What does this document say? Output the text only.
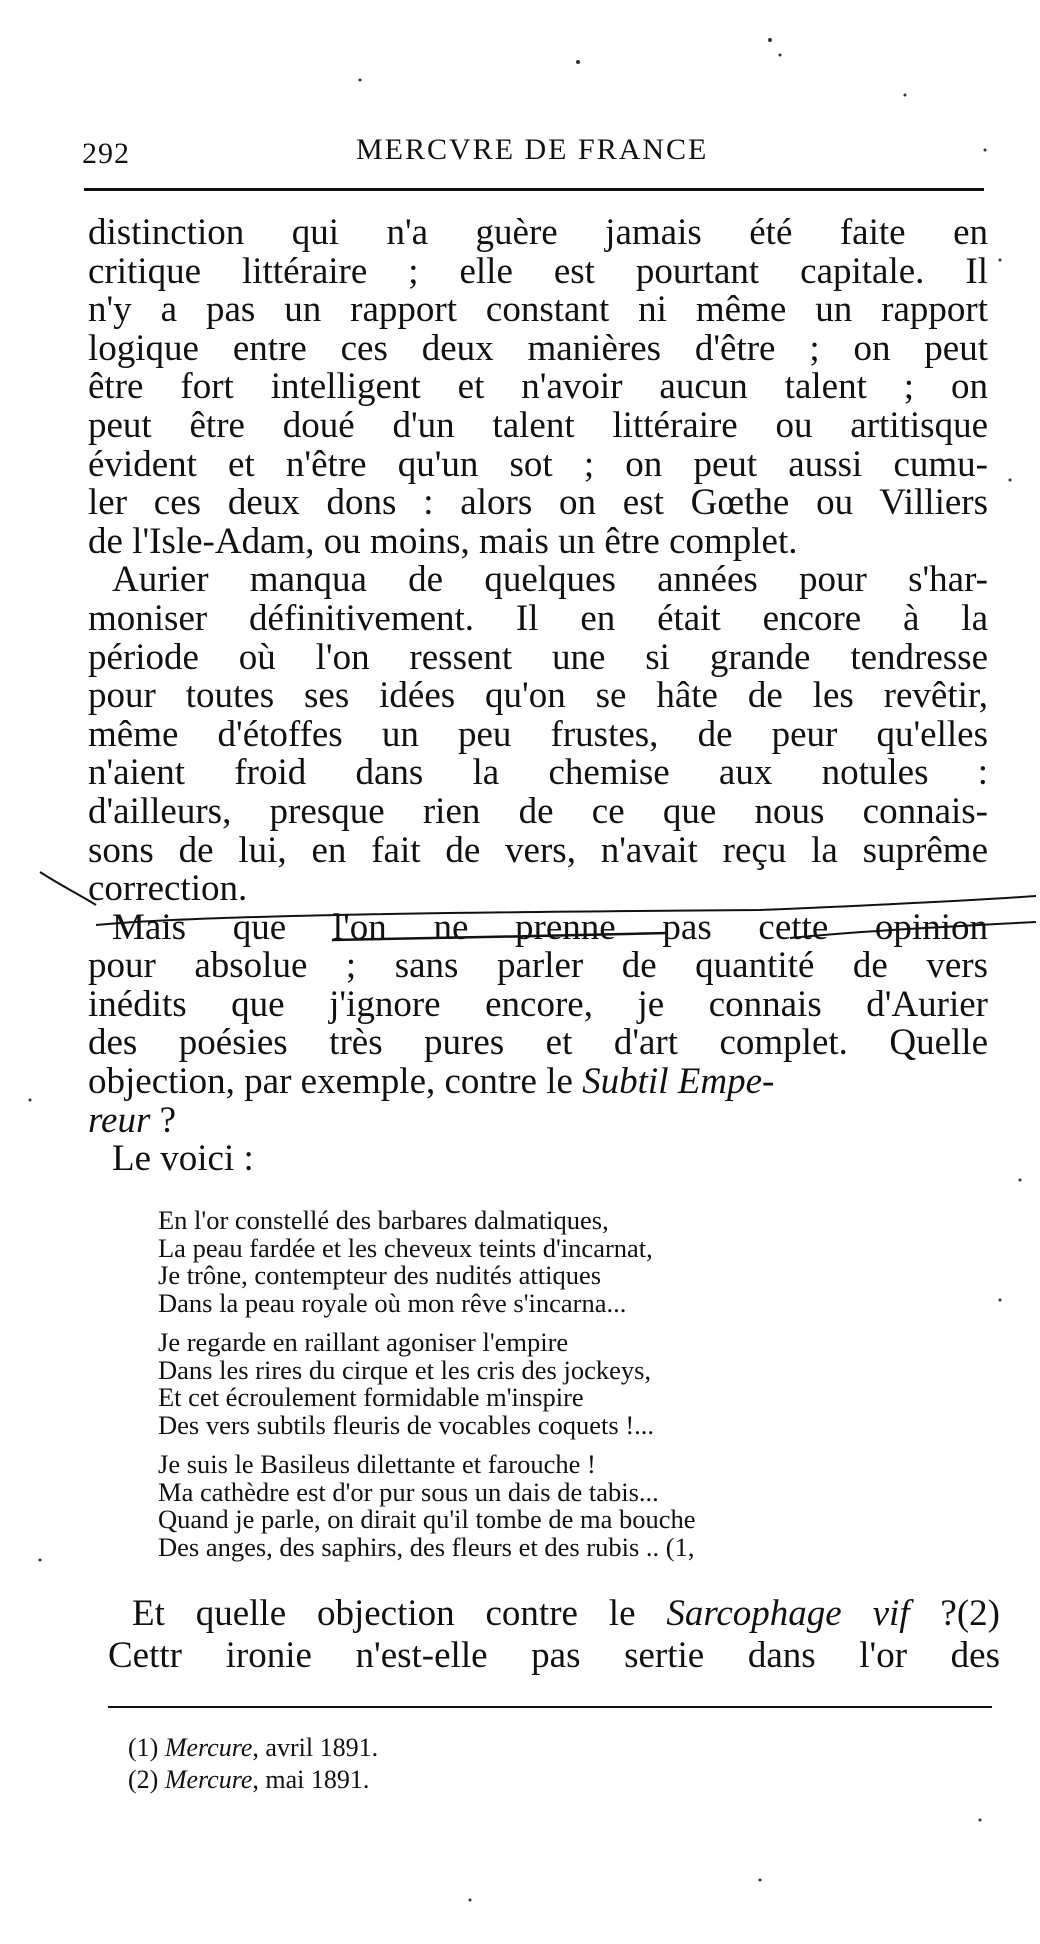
292	MERCVRE DE FRANCE
distinction qui n'a guère jamais été faite en
critique littéraire ; elle est pourtant capitale. Il
n'y a pas un rapport constant ni même un rapport
logique entre ces deux manières d'être ; on peut
être fort intelligent et n'avoir aucun talent ; on
peut être doué d'un talent littéraire ou artitisque
évident et n'être qu'un sot ; on peut aussi cumu-
ler ces deux dons : alors on est Gœthe ou Villiers
de l'Isle-Adam, ou moins, mais un être complet.
Aurier manqua de quelques années pour s'har-
moniser définitivement. Il en était encore à la
période où l'on ressent une si grande tendresse
pour toutes ses idées qu'on se hâte de les revêtir,
même d'étoffes un peu frustes, de peur qu'elles
n'aient froid dans la chemise aux notules :
d'ailleurs, presque rien de ce que nous connais-
sons de lui, en fait de vers, n'avait reçu la suprême
correction.
Mais que l'on ne prenne pas cette opinion
pour absolue ; sans parler de quantité de vers
inédits que j'ignore encore, je connais d'Aurier
des poésies très pures et d'art complet. Quelle
objection, par exemple, contre le Subtil Empe-
reur ?
Le voici :
En l'or constellé des barbares dalmatiques,
La peau fardée et les cheveux teints d'incarnat,
Je trône, contempteur des nudités attiques
Dans la peau royale où mon rêve s'incarna...
Je regarde en raillant agoniser l'empire
Dans les rires du cirque et les cris des jockeys,
Et cet écroulement formidable m'inspire
Des vers subtils fleuris de vocables coquets !...
Je suis le Basileus dilettante et farouche !
Ma cathèdre est d'or pur sous un dais de tabis...
Quand je parle, on dirait qu'il tombe de ma bouche
Des anges, des saphirs, des fleurs et des rubis .. (1,
Et quelle objection contre le Sarcophage vif ?(2)
Cettr ironie n'est-elle pas sertie dans l'or des
(1) Mercure, avril 1891.
(2) Mercure, mai 1891.
